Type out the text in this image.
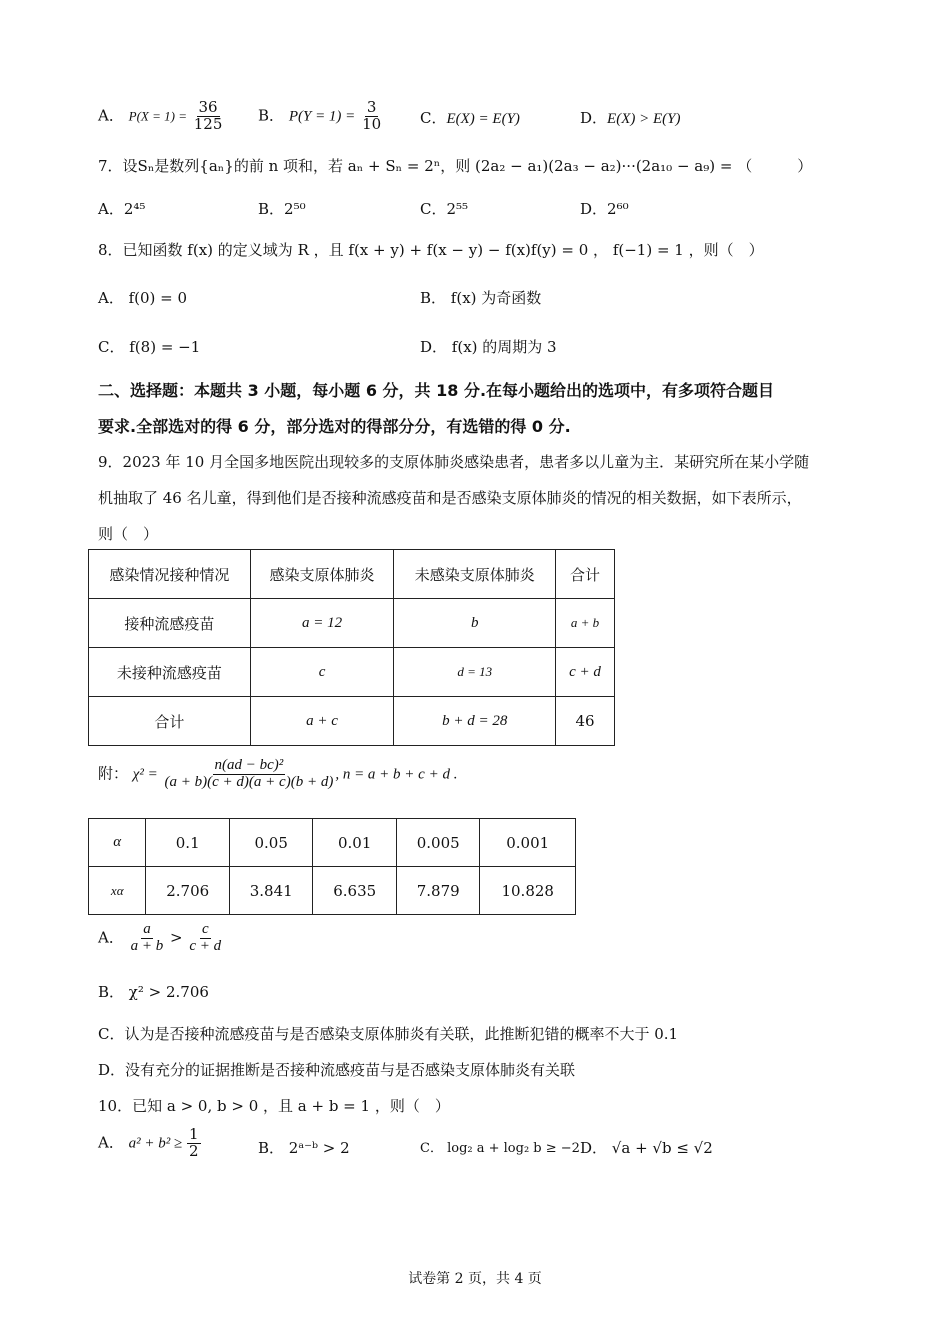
A． $P(X = 1) = \frac{36}{125}$ B． $P(Y = 1) = \frac{3}{10}$ C．E(X) = E(Y)	D．E(X) > E(Y)
7．设Sₙ是数列{aₙ}的前 n 项和，若 aₙ + Sₙ = 2ⁿ，则 (2a₂ − a₁)(2a₃ − a₂)···(2a₁₀ − a₉) = （　　　）
A．2⁴⁵	B．2⁵⁰	C．2⁵⁵	D．2⁶⁰
8．已知函数 f(x) 的定义域为 R ，且 f(x + y) + f(x − y) − f(x)f(y) = 0 ， f(−1) = 1 ，则（　）
A． f(0) = 0	B． f(x) 为奇函数
C． f(8) = −1	D． f(x) 的周期为 3
二、选择题：本题共 3 小题，每小题 6 分，共 18 分.在每小题给出的选项中，有多项符合题目
要求.全部选对的得 6 分，部分选对的得部分分，有选错的得 0 分.
9．2023 年 10 月全国多地医院出现较多的支原体肺炎感染患者，患者多以儿童为主．某研究所在某小学随
机抽取了 46 名儿童，得到他们是否接种流感疫苗和是否感染支原体肺炎的情况的相关数据，如下表所示，
则（　）
感染情况接种情况	感染支原体肺炎	未感染支原体肺炎	合计
接种流感疫苗	a = 12	b	a + b
未接种流感疫苗	c	d = 13	c + d
合计	a + c	b + d = 28	46
附： $\chi^2 = \frac{\text{n(ad − bc)²}}{(a + b)(c + d)(a + c)(b + d)}$ , n = a + b + c + d .
α	0.1	0.05	0.01	0.005	0.001
xα	2.706	3.841	6.635	7.879	10.828
A． $\frac{a}{a + b} > \frac{c}{c + d}$
B． χ² > 2.706
C．认为是否接种流感疫苗与是否感染支原体肺炎有关联，此推断犯错的概率不大于 0.1
D．没有充分的证据推断是否接种流感疫苗与是否感染支原体肺炎有关联
10．已知 a > 0, b > 0 ，且 a + b = 1 ，则（　）
A． $a^2 + b^2 \ge \frac{1}{2}$	B． 2ᵃ⁻ᵇ > 2	C． log₂ a + log₂ b ≥ −2 D． √a + √b ≤ √2
试卷第 2 页，共 4 页
